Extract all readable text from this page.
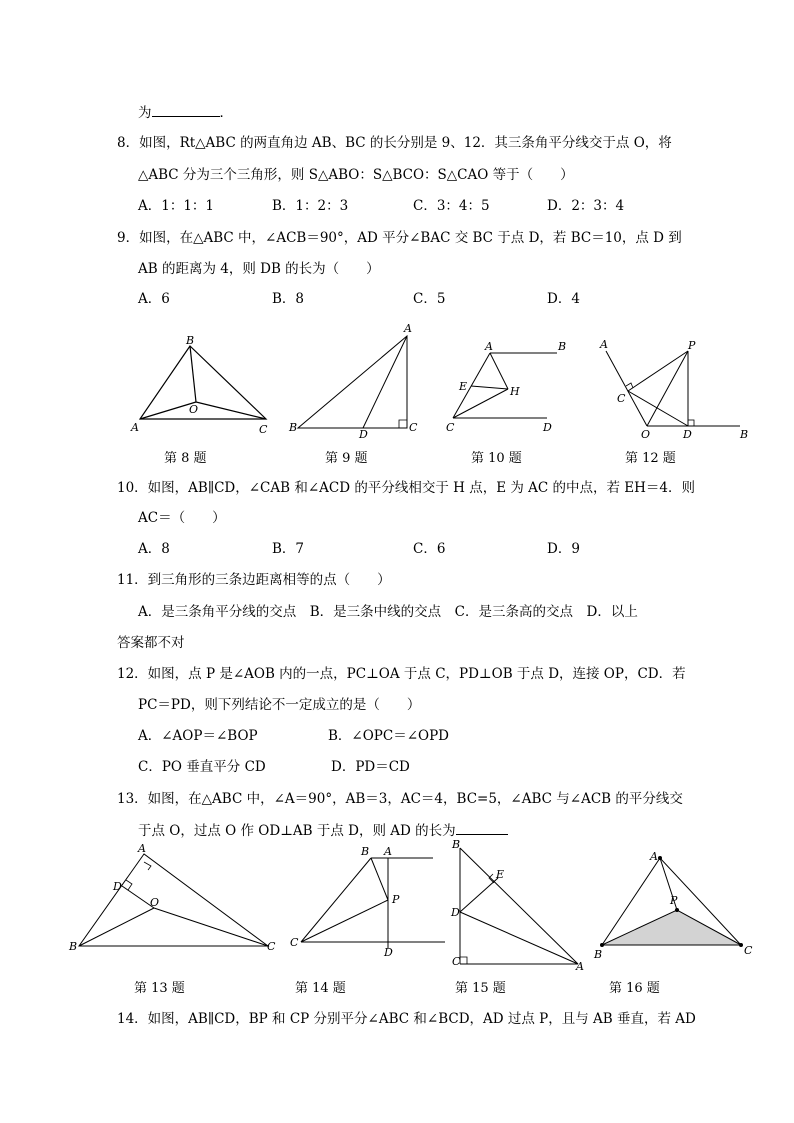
为	．
8．如图，Rt△ABC 的两直角边 AB、BC 的长分别是 9、12．其三条角平分线交于点 O，将
△ABC 分为三个三角形，则 S△ABO：S△BCO：S△CAO 等于（　　）
A．1：1：1	B．1：2：3	C．3：4：5	D．2：3：4
9．如图，在△ABC 中，∠ACB＝90°，AD 平分∠BAC 交 BC 于点 D，若 BC＝10，点 D 到
AB 的距离为 4，则 DB 的长为（　　）
A．6	B．8	C．5	D．4
B
A	C
O
A
B
D
C
A	B
E	H
C	D
A	P
C
O	D	B
第 8 题	第 9 题	第 10 题	第 12 题
10．如图，AB∥CD，∠CAB 和∠ACD 的平分线相交于 H 点，E 为 AC 的中点，若 EH＝4．则
AC＝（　　）
A．8	B．7	C．6	D．9
11．到三角形的三条边距离相等的点（　　）
A．是三条角平分线的交点　B．是三条中线的交点　C．是三条高的交点　D．以上
答案都不对
12．如图，点 P 是∠AOB 内的一点，PC⊥OA 于点 C，PD⊥OB 于点 D，连接 OP，CD．若
PC＝PD，则下列结论不一定成立的是（　　）
A．∠AOP＝∠BOP	B．∠OPC＝∠OPD
C．PO 垂直平分 CD	D．PD＝CD
13．如图，在△ABC 中，∠A＝90°，AB＝3，AC＝4，BC=5，∠ABC 与∠ACB 的平分线交
于点 O，过点 O 作 OD⊥AB 于点 D，则 AD 的长为
A
D
O
B	C
B A
P
C
D
B
E
D
C	A
A
P
B	C
第 13 题	第 14 题	第 15 题	第 16 题
14．如图，AB∥CD，BP 和 CP 分别平分∠ABC 和∠BCD，AD 过点 P，且与 AB 垂直，若 AD
